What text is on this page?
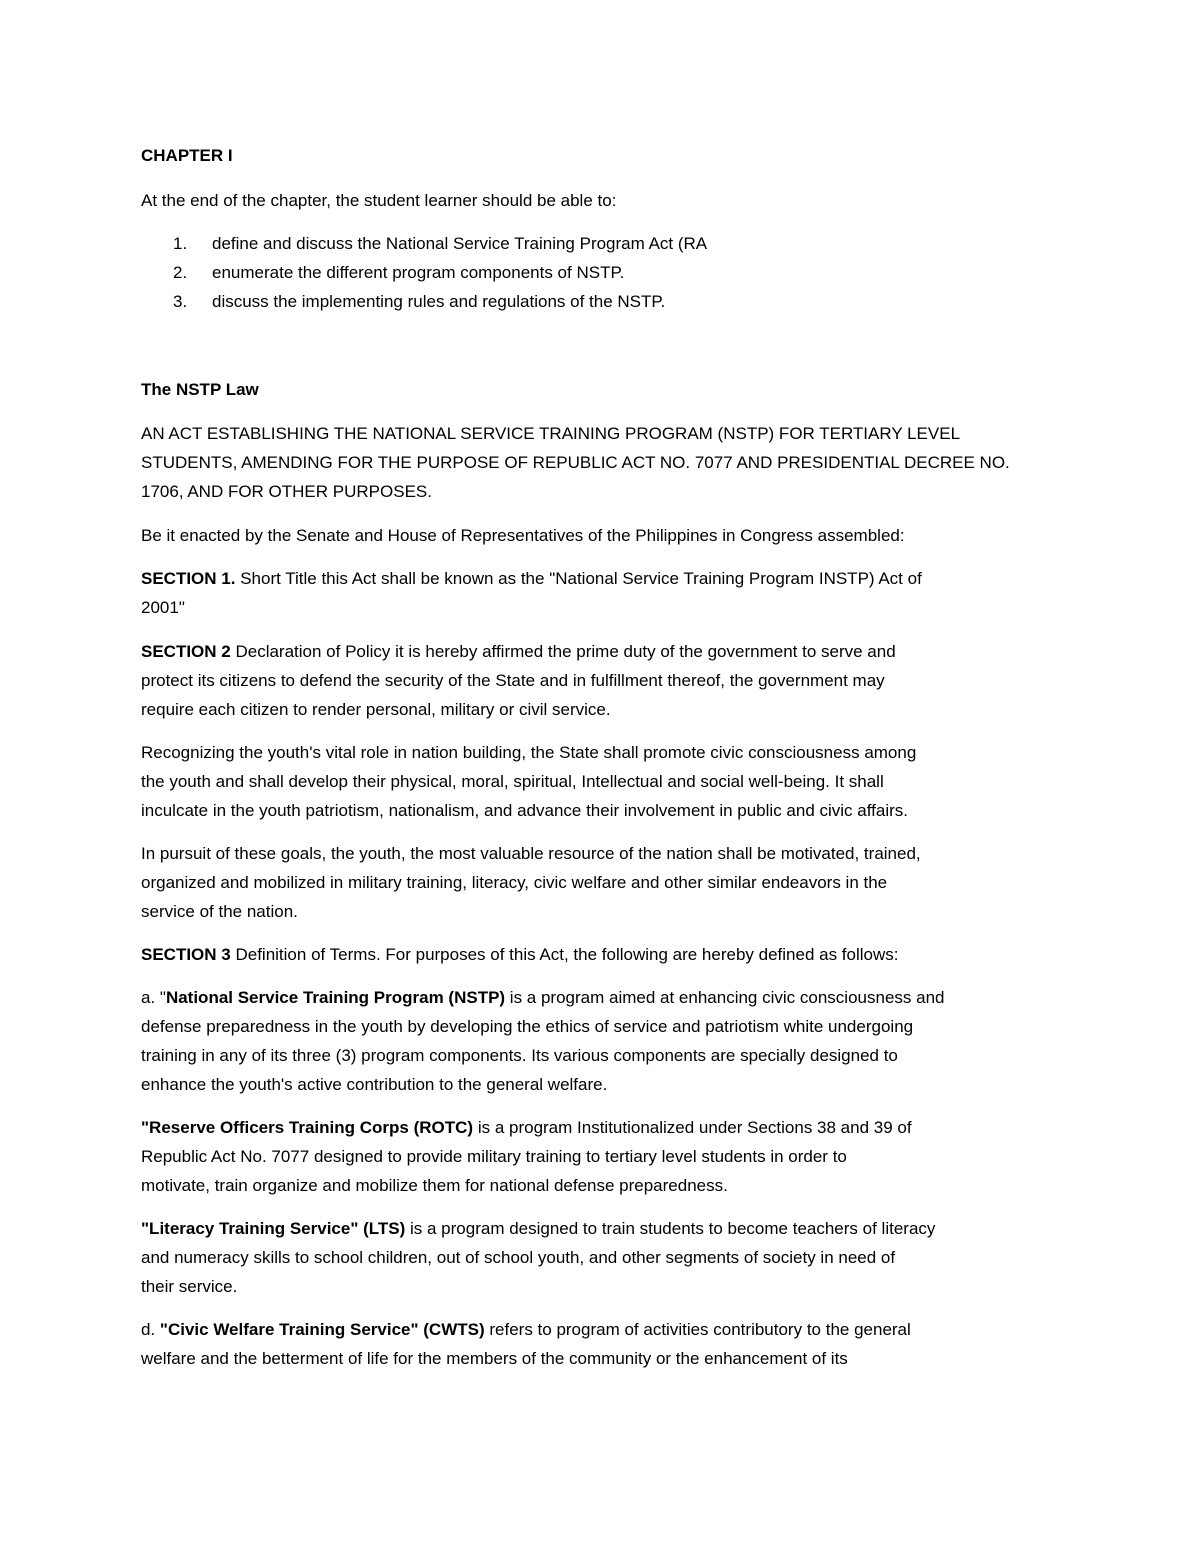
CHAPTER I
At the end of the chapter, the student learner should be able to:
1. define and discuss the National Service Training Program Act (RA
2. enumerate the different program components of NSTP.
3. discuss the implementing rules and regulations of the NSTP.
The NSTP Law
AN ACT ESTABLISHING THE NATIONAL SERVICE TRAINING PROGRAM (NSTP) FOR TERTIARY LEVEL
STUDENTS, AMENDING FOR THE PURPOSE OF REPUBLIC ACT NO. 7077 AND PRESIDENTIAL DECREE NO.
1706, AND FOR OTHER PURPOSES.
Be it enacted by the Senate and House of Representatives of the Philippines in Congress assembled:
SECTION 1. Short Title this Act shall be known as the "National Service Training Program INSTP) Act of
2001"
SECTION 2 Declaration of Policy it is hereby affirmed the prime duty of the government to serve and
protect its citizens to defend the security of the State and in fulfillment thereof, the government may
require each citizen to render personal, military or civil service.
Recognizing the youth's vital role in nation building, the State shall promote civic consciousness among
the youth and shall develop their physical, moral, spiritual, Intellectual and social well-being. It shall
inculcate in the youth patriotism, nationalism, and advance their involvement in public and civic affairs.
In pursuit of these goals, the youth, the most valuable resource of the nation shall be motivated, trained,
organized and mobilized in military training, literacy, civic welfare and other similar endeavors in the
service of the nation.
SECTION 3 Definition of Terms. For purposes of this Act, the following are hereby defined as follows:
a. "National Service Training Program (NSTP) is a program aimed at enhancing civic consciousness and
defense preparedness in the youth by developing the ethics of service and patriotism white undergoing
training in any of its three (3) program components. Its various components are specially designed to
enhance the youth's active contribution to the general welfare.
"Reserve Officers Training Corps (ROTC) is a program Institutionalized under Sections 38 and 39 of
Republic Act No. 7077 designed to provide military training to tertiary level students in order to
motivate, train organize and mobilize them for national defense preparedness.
"Literacy Training Service" (LTS) is a program designed to train students to become teachers of literacy
and numeracy skills to school children, out of school youth, and other segments of society in need of
their service.
d. "Civic Welfare Training Service" (CWTS) refers to program of activities contributory to the general
welfare and the betterment of life for the members of the community or the enhancement of its
